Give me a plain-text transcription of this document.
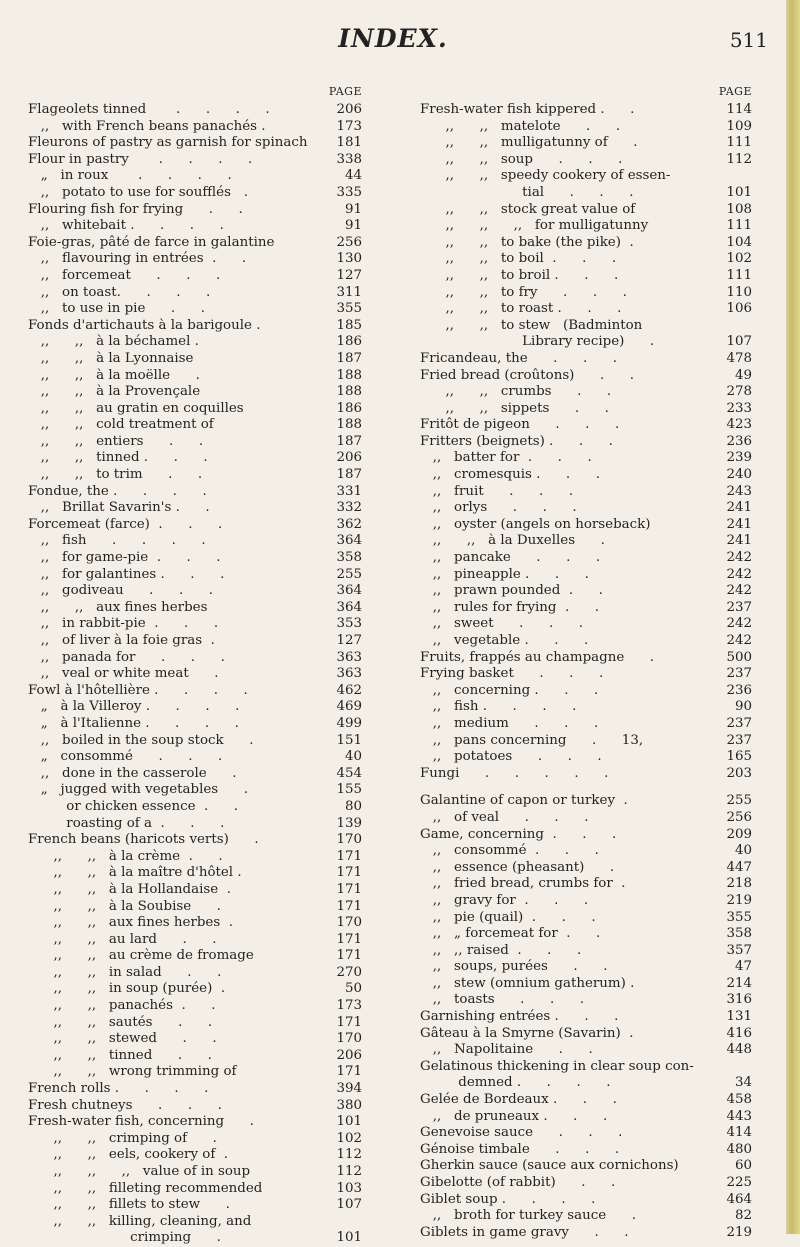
INDEX.	511
PAGE
Flageolets tinned       .      .      .      .	206
,,   with French beans panachés .	173
Fleurons of pastry as garnish for spinach 181
Flour in pastry       .      .      .      .	338
„   in roux       .      .      .      .	44
,,   potato to use for soufflés   .	335
Flouring fish for frying      .      .	91
,,   whitebait .      .      .      .	91
Foie-gras, pâté de farce in galantine	256
,,   flavouring in entrées  .      .	130
,,   forcemeat      .      .      .	127
,,   on toast.      .      .      .	311
,,   to use in pie      .      .	355
Fonds d'artichauts à la barigoule .	185
,,      ,,   à la béchamel .	186
,,      ,,   à la Lyonnaise	187
,,      ,,   à la moëlle      .	188
,,      ,,   à la Provençale	188
,,      ,,   au gratin en coquilles	186
,,      ,,   cold treatment of	188
,,      ,,   entiers      .      .	187
,,      ,,   tinned .      .      .	206
,,      ,,   to trim      .      .	187
Fondue, the .      .      .      .	331
,,   Brillat Savarin's .      .	332
Forcemeat (farce)  .      .      .	362
,,   fish      .      .      .      .	364
,,   for game-pie  .      .      .	358
,,   for galantines .      .      .	255
,,   godiveau      .      .      .	364
,,      ,,   aux fines herbes	364
,,   in rabbit-pie  .      .      .	353
,,   of liver à la foie gras  .	127
,,   panada for      .      .      .	363
,,   veal or white meat      .	363
Fowl à l'hôtellière .      .      .      .	462
„   à la Villeroy .      .      .      .	469
„   à l'Italienne .      .      .      .	499
,,   boiled in the soup stock      .	151
„   consommé      .      .      .	40
,,   done in the casserole      .	454
„   jugged with vegetables      .	155
or chicken essence  .      .	80
roasting of a  .      .      .	139
French beans (haricots verts)      .	170
,,      ,,   à la crème  .      .	171
,,      ,,   à la maître d'hôtel .	171
,,      ,,   à la Hollandaise  .	171
,,      ,,   à la Soubise      .	171
,,      ,,   aux fines herbes  .	170
,,      ,,   au lard      .      .	171
,,      ,,   au crème de fromage	171
,,      ,,   in salad      .      .	270
,,      ,,   in soup (purée)  .	50
,,      ,,   panachés  .      .	173
,,      ,,   sautés      .      .	171
,,      ,,   stewed      .      .	170
,,      ,,   tinned      .      .	206
,,      ,,   wrong trimming of	171
French rolls .      .      .      .	394
Fresh chutneys      .      .      .	380
Fresh-water fish, concerning      .	101
,,      ,,   crimping of      .	102
,,      ,,   eels, cookery of  .	112
,,      ,,      ,,   value of in soup	112
,,      ,,   filleting recommended	103
,,      ,,   fillets to stew      .	107
,,      ,,   killing, cleaning, and
crimping      .	101
PAGE
Fresh-water fish kippered .      .	114
,,      ,,   matelote      .      .	109
,,      ,,   mulligatunny of      .	111
,,      ,,   soup      .      .      .	112
,,      ,,   speedy cookery of essen-
tial      .      .      .	101
,,      ,,   stock great value of	108
,,      ,,      ,,   for mulligatunny	111
,,      ,,   to bake (the pike)  .	104
,,      ,,   to boil  .      .      .	102
,,      ,,   to broil .      .      .	111
,,      ,,   to fry      .      .      .	110
,,      ,,   to roast .      .      .	106
,,      ,,   to stew   (Badminton
Library recipe)      .	107
Fricandeau, the      .      .      .	478
Fried bread (croûtons)      .      .	49
,,      ,,   crumbs      .      .	278
,,      ,,   sippets      .      .	233
Fritôt de pigeon      .      .      .	423
Fritters (beignets) .      .      .	236
,,   batter for  .      .      .	239
,,   cromesquis .      .      .	240
,,   fruit      .      .      .	243
,,   orlys      .      .      .	241
,,   oyster (angels on horseback)	241
,,      ,,   à la Duxelles      .	241
,,   pancake      .      .      .	242
,,   pineapple .      .      .	242
,,   prawn pounded  .      .	242
,,   rules for frying  .      .	237
,,   sweet      .      .      .	242
,,   vegetable .      .      .	242
Fruits, frappés au champagne      .	500
Frying basket      .      .      .	237
,,   concerning .      .      .	236
,,   fish .      .      .      .	90
,,   medium      .      .      .	237
,,   pans concerning      .      13,	237
,,   potatoes      .      .      .	165
Fungi      .      .      .      .      .	203
Galantine of capon or turkey  .	255
,,   of veal      .      .      .	256
Game, concerning  .      .      .	209
,,   consommé  .      .      .	40
,,   essence (pheasant)      .	447
,,   fried bread, crumbs for  .	218
,,   gravy for  .      .      .	219
,,   pie (quail)  .      .      .	355
,,   „ forcemeat for  .      .	358
,,   ,, raised  .      .      .	357
,,   soups, purées      .      .	47
,,   stew (omnium gatherum) .	214
,,   toasts      .      .      .	316
Garnishing entrées .      .      .	131
Gâteau à la Smyrne (Savarin)  .	416
,,   Napolitaine      .      .	448
Gelatinous thickening in clear soup con-
demned .      .      .      .	34
Gelée de Bordeaux .      .      .	458
,,   de pruneaux .      .      .	443
Genevoise sauce      .      .      .	414
Génoise timbale      .      .      .	480
Gherkin sauce (sauce aux cornichons)	60
Gibelotte (of rabbit)      .      .	225
Giblet soup .      .      .      .	464
,,   broth for turkey sauce      .	82
Giblets in game gravy      .      .	219
